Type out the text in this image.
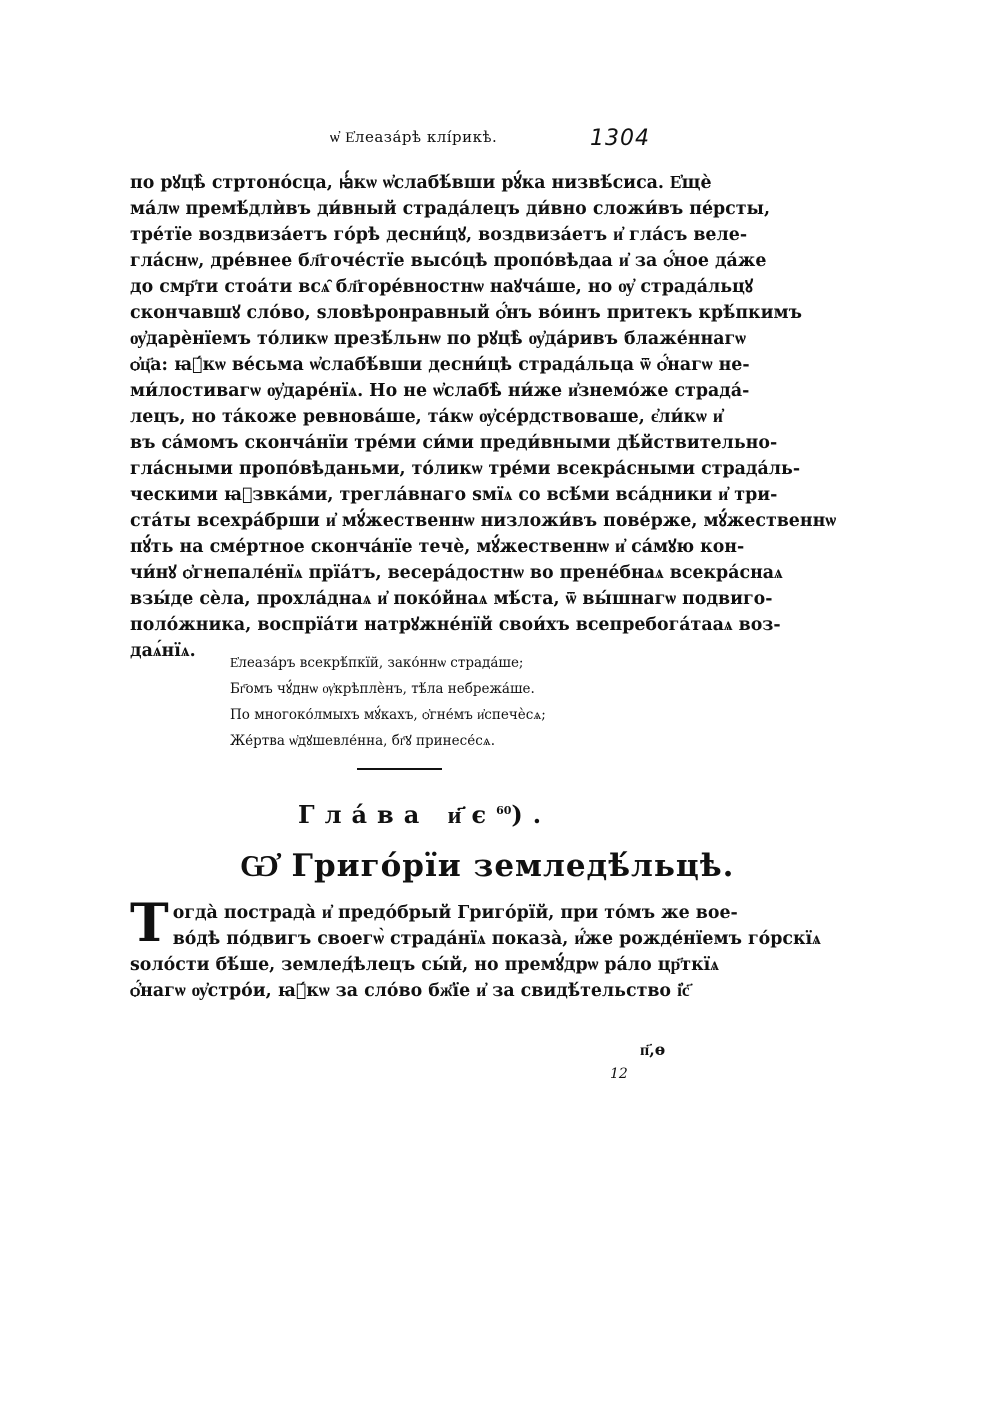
ѡ҆ Е҆леаза́рѣ клі́рикѣ.	1304
по рꙋцѣ̀ стртоно́сца, ꙗ҆́кѡ ѡ҆слабѣ́вши рꙋ́ка низвѣ́сиса. Е҆щѐ
ма́лѡ премѣ́длѝвъ ди́вный страда́лецъ ди́вно сложи́въ пе́рсты,
тре́тїе воздвиза́етъ го́рѣ десни́цꙋ, воздвиза́етъ и҆ гла́съ веле-
гла́снѡ, дре́внее бл҃гоче́стїе высо́цѣ пропо́вѣдаа и҆ за ѻ҆́ное да́же
до смр҃ти стоа́ти всѧ̑ бл҃горе́вностнѡ наꙋча́ше, но ѹ҆ страда́льцꙋ
скончавшꙋ сло́во, ѕловѣронравный ѻ҆́нъ во́инъ притекъ крѣ́пкимъ
ѹ҆дарѐнїемъ то́ликѡ презѣ́льнѡ по рꙋцѣ̀ ѹ҆да́ривъ блаже́ннагѡ
ѻ҆ц҃а: ꙗ҆́кѡ ве́сьма ѡ҆слабѣ́вши десни́цѣ страда́льца ѿ ѻ҆́нагѡ не-
ми́лостивагѡ ѹ҆даре́нїѧ. Но не ѡ҆слабѣ̀ ни́же и҆знемо́же страда́-
лецъ, но та́коже ревнова́ше, та́кѡ ѹ҆се́рдствоваше, є҆ли́кѡ и҆
въ са́момъ сконча́нїи тре́ми си́ми преди́вными дѣ́йствительно-
гла́сными пропо́вѣданьми, то́ликѡ тре́ми всекра́сными страда́ль-
ческими ꙗ҆звка́ми, трегла́внаго ѕмїѧ со всѣ́ми вса́дники и҆ три-
ста́ты всехра́брши и҆ мꙋ́жественнѡ низложи́въ повéрже, мꙋ́жественнѡ
пꙋ́ть на сме́ртное сконча́нїе течѐ, мꙋ́жественнѡ и҆ са́мꙋю кон-
чи́нꙋ ѻ҆гнепале́нїѧ прїа́тъ, весера́достнѡ во прене́бнаѧ всекра́снаѧ
взы́де сѐла, прохла́днаѧ и҆ поко́йнаѧ мѣ́ста, ѿ вы́шнагѡ подвиго-
поло́жника, воспрїа́ти натрꙋжне́нїй свои́хъ всепребога́тааѧ воз-
даѧ́нїѧ.
Е҆леаза́ръ всекрѣ́пкїй, зако́ннѡ страда́ше;
Бг҃омъ чꙋ́днѡ ѹ҆крѣплѐнъ, тѣ́ла небрежа́ше.
По многоко́лмыхъ мꙋ́кахъ, ѻ҆гне́мъ и҆спечѐсѧ;
Же́ртва ѡ҆дꙋшевле́нна, бг҃ꙋ принесе́сѧ.
Гла́ва $и҃є^{60}$).
Ѡ҆ Григо́рїи земледѣ́льцѣ.
Т огда̀ пострада̀ и҆ предо́брый Григо́рїй, при то́мъ же вое-
во́дѣ по́двигъ своегѡ̀ страда́нїѧ показа̀, и҆́же рожде́нїемъ го́рскїѧ
ѕоло́сти бѣ́ше, землед́ѣлецъ сы́й, но премꙋ́дрѡ ра́ло цр҃ткїѧ
ѻ҆́нагѡ ѹ҆стро́и, ꙗ҆́кѡ за сло́во бж҃їе и҆ за свидѣ́тельство і҆с҃
п҃,ѳ
12
